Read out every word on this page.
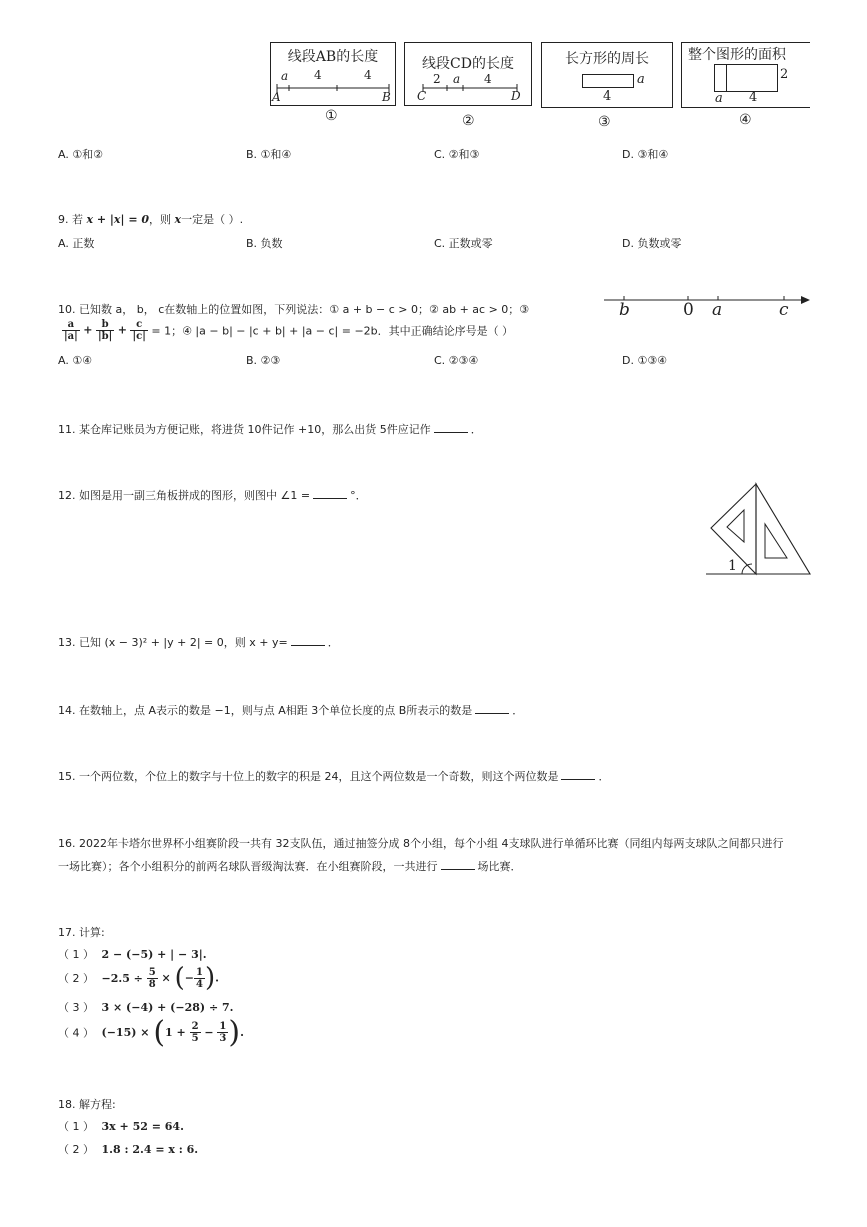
线段AB的长度
a 4	4
A	B
①
线段CD的长度
2 a 4
C	D
②
长方形的周长
a
4
③
整个图形的面积
2
a 4
④
A. ①和②	B. ①和④	C. ②和③	D. ③和④
9. 若 x + |x| = 0，则 x一定是（ ）.
A. 正数	B. 负数	C. 正数或零	D. 负数或零
10. 已知数 a， b， c在数轴上的位置如图，下列说法：① a + b − c > 0；② ab + ac > 0；③
$\frac{a}{|a|} + \frac{b}{|b|} + \frac{c}{|c|} = 1$；④ |a − b| − |c + b| + |a − c| = −2b．其中正确结论序号是（ ）
b	0 a	c
A. ①④	B. ②③	C. ②③④	D. ①③④
11. 某仓库记账员为方便记账，将进货 10件记作 +10，那么出货 5件应记作	．
12. 如图是用一副三角板拼成的图形，则图中 ∠1 =	°．
1
13. 已知 (x − 3)² + |y + 2| = 0，则 x + y=	．
14. 在数轴上，点 A表示的数是 −1，则与点 A相距 3个单位长度的点 B所表示的数是	．
15. 一个两位数，个位上的数字与十位上的数字的积是 24，且这个两位数是一个奇数，则这个两位数是	．
16. 2022年卡塔尔世界杯小组赛阶段一共有 32支队伍，通过抽签分成 8个小组，每个小组 4支球队进行单循环比赛（同组内每两支球队之间都只进行
一场比赛）；各个小组积分的前两名球队晋级淘汰赛．在小组赛阶段，一共进行	场比赛．
17. 计算:
（ 1 ） 2 − (−5) + | − 3|.
（ 2 ） $-2.5 \div \frac{5}{8}$ × (− $\frac{1}{4}$ ).
（ 3 ） 3 × (−4) + (−28) ÷ 7.
（ 4 ） $(-15) \times (1 + \frac{2}{5} - \frac{1}{3}$ ).
18. 解方程:
（ 1 ） 3x + 52 = 64.
（ 2 ） 1.8 : 2.4 = x : 6.
